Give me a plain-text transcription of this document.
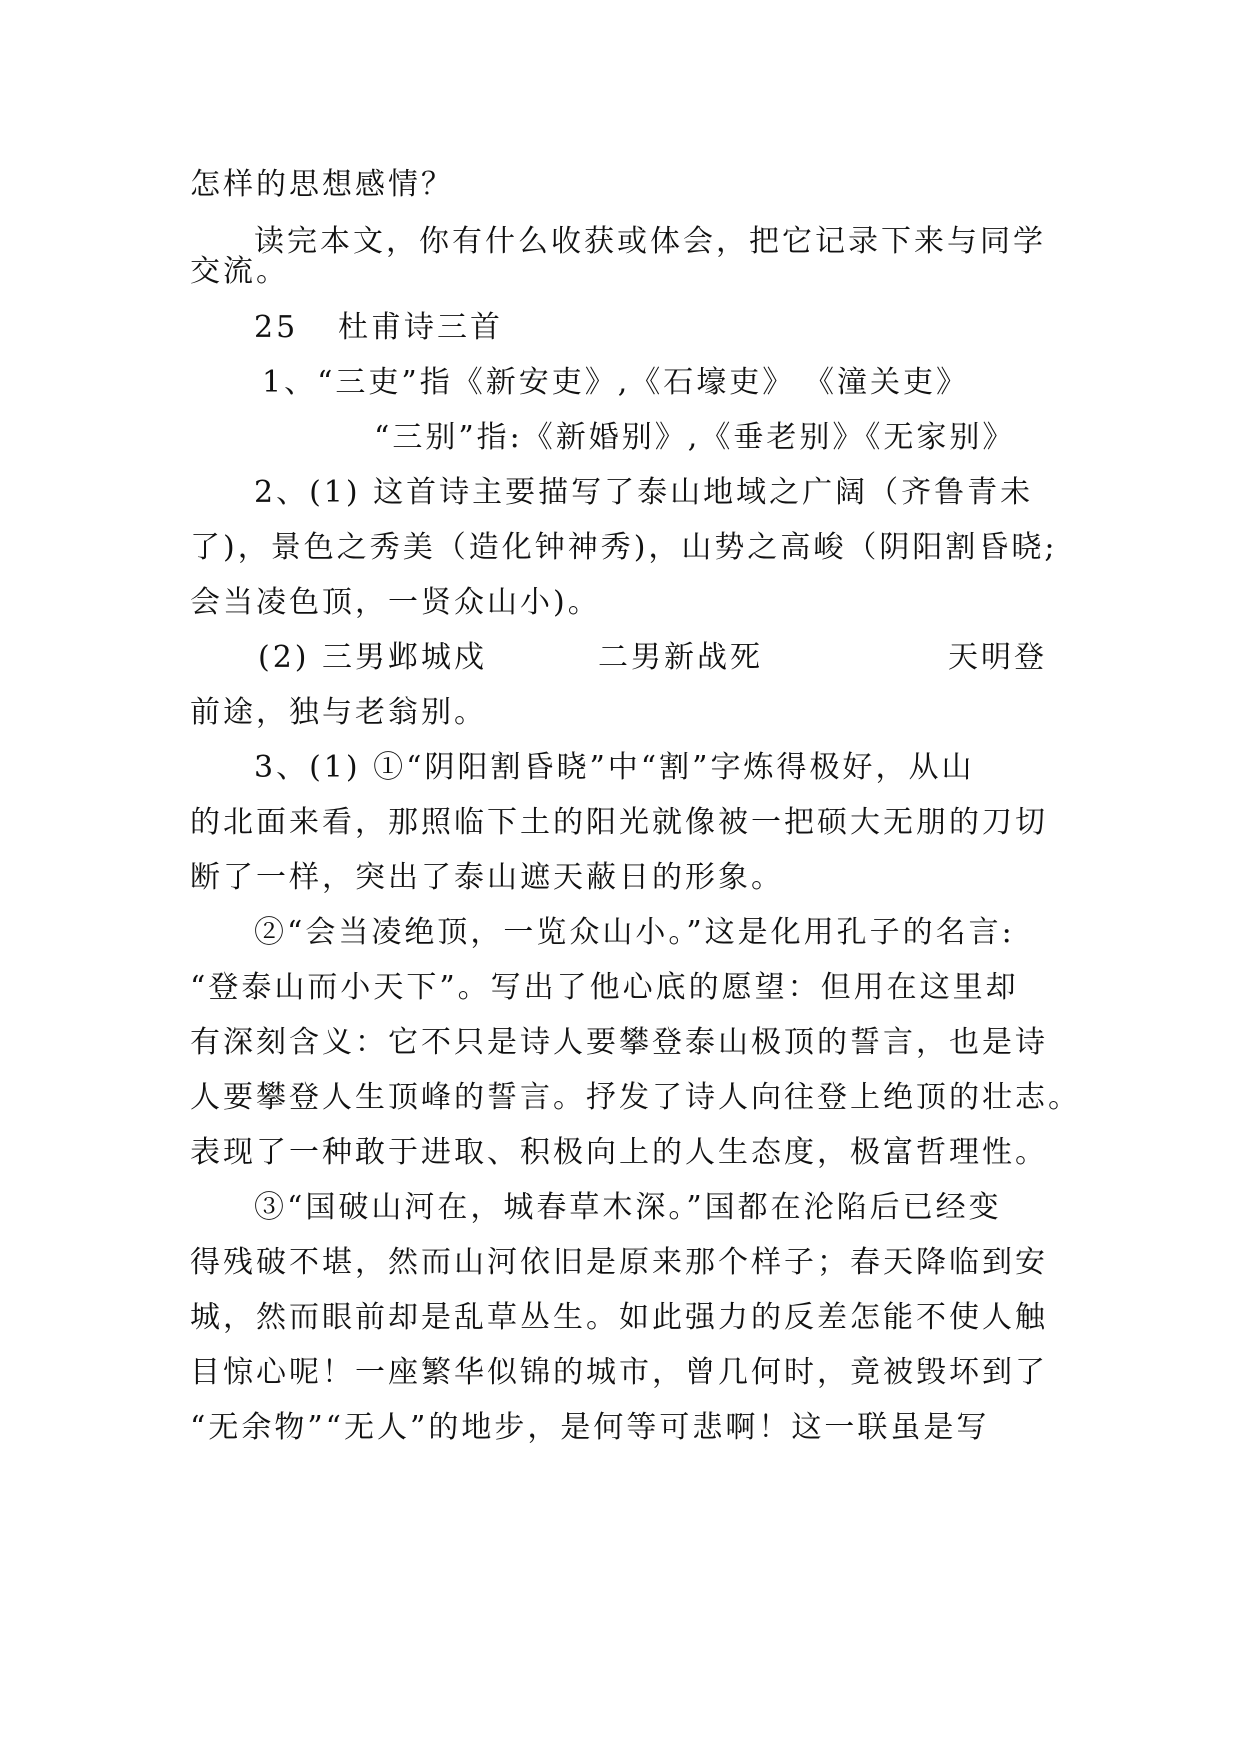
怎样的思想感情？
读完本文，你有什么收获或体会，把它记录下来与同学
交流。
25 杜甫诗三首
1、“三吏”指《新安吏》,《石壕吏》 《潼关吏》
“三别”指:《新婚别》,《垂老别》《无家别》
2、(1) 这首诗主要描写了泰山地域之广阔（齐鲁青未
了)，景色之秀美（造化钟神秀)，山势之高峻（阴阳割昏晓;
会当凌色顶，一贤众山小)。
(2) 三男邺城戍	二男新战死	天明登
前途，独与老翁别。
3、(1) ①“阴阳割昏晓”中“割”字炼得极好，从山
的北面来看，那照临下土的阳光就像被一把硕大无朋的刀切
断了一样，突出了泰山遮天蔽日的形象。
②“会当凌绝顶，一览众山小。”这是化用孔子的名言:
“登泰山而小天下”。写出了他心底的愿望：但用在这里却
有深刻含义：它不只是诗人要攀登泰山极顶的誓言，也是诗
人要攀登人生顶峰的誓言。抒发了诗人向往登上绝顶的壮志。
表现了一种敢于进取、积极向上的人生态度，极富哲理性。
③“国破山河在，城春草木深。”国都在沦陷后已经变
得残破不堪，然而山河依旧是原来那个样子；春天降临到安
城，然而眼前却是乱草丛生。如此强力的反差怎能不使人触
目惊心呢！一座繁华似锦的城市，曾几何时，竟被毁坏到了
“无余物”“无人”的地步，是何等可悲啊！这一联虽是写
